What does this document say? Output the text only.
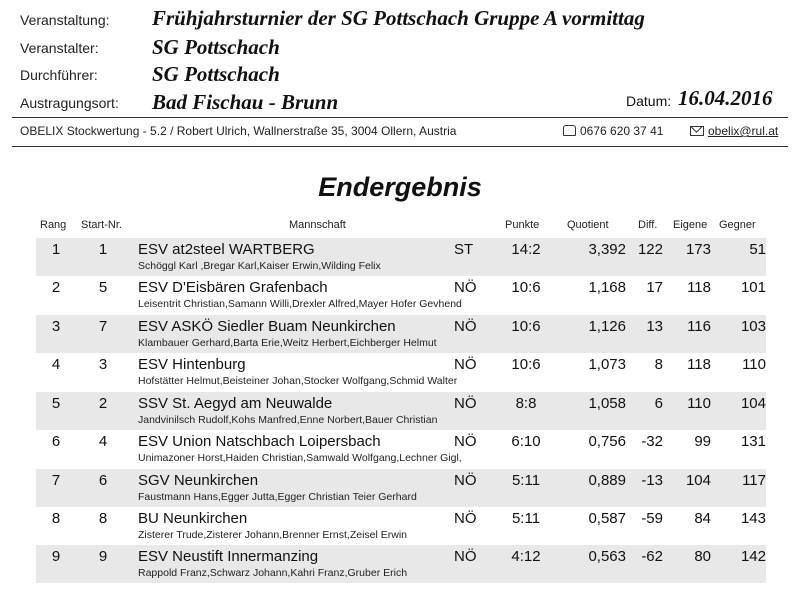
Veranstaltung: Frühjahrsturnier der SG Pottschach Gruppe A vormittag
Veranstalter:	SG Pottschach
Durchführer:	SG Pottschach
Austragungsort: Bad Fischau - Brunn	Datum: 16.04.2016
OBELIX Stockwertung - 5.2 / Robert Ulrich, Wallnerstraße 35, 3004 Ollern, Austria	0676 620 37 41	obelix@rul.at
Endergebnis
Rang Start-Nr.	Mannschaft	Punkte	Quotient	Diff. Eigene Gegner
1	1	ESV at2steel WARTBERG	ST	14:2	3,392 122	173	51
Schöggl Karl ,Bregar Karl,Kaiser Erwin,Wilding Felix
2	5	ESV D'Eisbären Grafenbach	NÖ	10:6	1,168	17	118	101
Leisentrit Christian,Samann Willi,Drexler Alfred,Mayer Hofer Gevhend
3	7	ESV ASKÖ Siedler Buam Neunkirchen	NÖ	10:6	1,126	13	116	103
Klambauer Gerhard,Barta Erie,Weitz Herbert,Eichberger Helmut
4	3	ESV Hintenburg	NÖ	10:6	1,073	8	118	110
Hofstätter Helmut,Beisteiner Johan,Stocker Wolfgang,Schmid Walter
5	2	SSV St. Aegyd am Neuwalde	NÖ	8:8	1,058	6	110	104
Jandvinilsch Rudolf,Kohs Manfred,Enne Norbert,Bauer Christian
6	4	ESV Union Natschbach Loipersbach	NÖ	6:10	0,756	-32	99	131
Unimazoner Horst,Haiden Christian,Samwald Wolfgang,Lechner Gigl,
7	6	SGV Neunkirchen	NÖ	5:11	0,889	-13	104	117
Faustmann Hans,Egger Jutta,Egger Christian Teier Gerhard
8	8	BU Neunkirchen	NÖ	5:11	0,587	-59	84	143
Zisterer Trude,Zisterer Johann,Brenner Ernst,Zeisel Erwin
9	9	ESV Neustift Innermanzing	NÖ	4:12	0,563	-62	80	142
Rappold Franz,Schwarz Johann,Kahri Franz,Gruber Erich
